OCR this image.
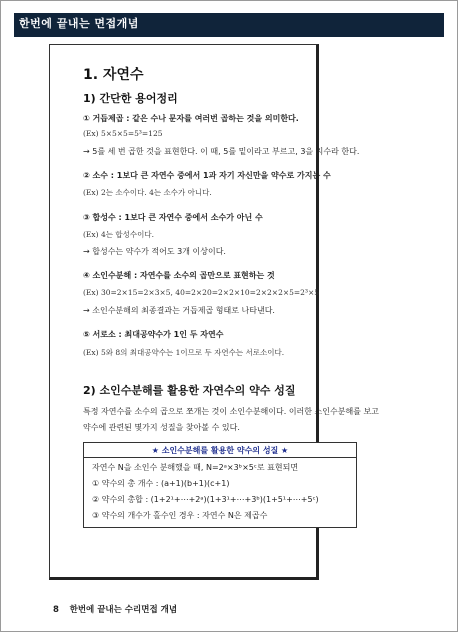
한번에 끝내는 면접개념
1. 자연수
1) 간단한 용어정리
① 거듭제곱 : 같은 수나 문자를 여러번 곱하는 것을 의미한다.
(Ex) 5×5×5=5³=125
→ 5를 세 번 곱한 것을 표현한다. 이 때, 5를 밑이라고 부르고, 3을 지수라 한다.
② 소수 : 1보다 큰 자연수 중에서 1과 자기 자신만을 약수로 가지는 수
(Ex) 2는 소수이다. 4는 소수가 아니다.
③ 합성수 : 1보다 큰 자연수 중에서 소수가 아닌 수
(Ex) 4는 합성수이다.
→ 합성수는 약수가 적어도 3개 이상이다.
④ 소인수분해 : 자연수를 소수의 곱만으로 표현하는 것
(Ex) 30=2×15=2×3×5, 40=2×20=2×2×10=2×2×2×5=2³×5
→ 소인수분해의 최종결과는 거듭제곱 형태로 나타낸다.
⑤ 서로소 : 최대공약수가 1인 두 자연수
(Ex) 5와 8의 최대공약수는 1이므로 두 자연수는 서로소이다.
2) 소인수분해를 활용한 자연수의 약수 성질
특정 자연수를 소수의 곱으로 쪼개는 것이 소인수분해이다. 이러한 소인수분해를 보고
약수에 관련된 몇가지 성질을 찾아볼 수 있다.
★ 소인수분해를 활용한 약수의 성질 ★
자연수 N을 소인수 분해했을 때, N=2ᵃ×3ᵇ×5ᶜ로 표현되면
① 약수의 총 개수 : (a+1)(b+1)(c+1)
② 약수의 총합 : (1+2¹+⋯+2ᵃ)(1+3¹+⋯+3ᵇ)(1+5¹+⋯+5ᶜ)
③ 약수의 개수가 홀수인 경우 : 자연수 N은 제곱수
8 한번에 끝내는 수리면접 개념
